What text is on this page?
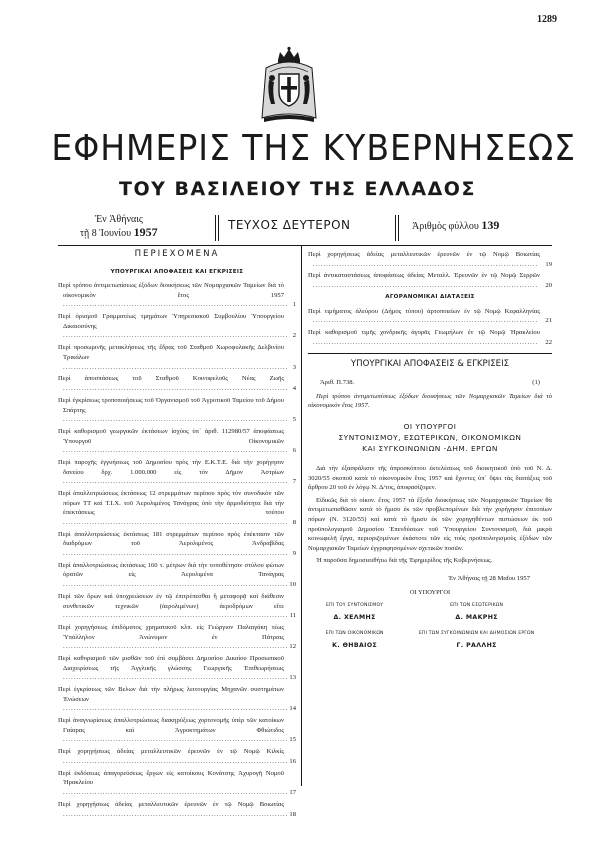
1289
ΕΦΗΜΕΡΙΣ ΤΗΣ ΚΥΒΕΡΝΗΣΕΩΣ
ΤΟΥ ΒΑΣΙΛΕΙΟΥ ΤΗΣ ΕΛΛΑΔΟΣ
Ἐν Ἀθήναις
τῇ 8 Ἰουνίου 1957	ΤΕΥΧΟΣ ΔΕΥΤΕΡΟΝ	Ἀριθμὸς φύλλου 139
ΠΕΡΙΕΧΟΜΕΝΑ
ΥΠΟΥΡΓΙΚΑΙ ΑΠΟΦΑΣΕΙΣ ΚΑΙ ΕΓΚΡΙΣΕΙΣ
Περὶ τρόπου ἀντιμετωπίσεως ἐξόδων διοικήσεως τῶν Νομαρχιακῶν Ταμείων διὰ τὸ οἰκονομικὸν ἔτος 1957 .....
1
Περὶ ὁρισμοῦ Γραμματέως τμημάτων Ὑπηρεσιακοῦ Συμβουλίου Ὑπουργείου Δικαιοσύνης .....
2
Περὶ προσωρινῆς μετακλήσεως τῆς ἕδρας τοῦ Σταθμοῦ Χωροφυλακῆς Δελβινίου Τρικάλων .....
3
Περὶ ἀποσπάσεως τοῦ Σταθμοῦ Κοινοφελοῦς Νέας Ζωῆς .....
4
Περὶ ἐγκρίσεως τροποποιήσεως τοῦ Ὀργανισμοῦ τοῦ Ἀγροτικοῦ Ταμείου τοῦ Δήμου Σπάρτης .....
5
Περὶ καθορισμοῦ γεωργικῶν ἐκτάσεων ἰσχύος ὑπ᾽ ἀριθ. 112980/57 ἀποφάσεως Ὑπουργοῦ Οἰκονομικῶν .....
6
Περὶ παροχῆς ἐγγυήσεως τοῦ Δημοσίου πρὸς τὴν Ε.Κ.Τ.Ε. διὰ τὴν χορήγησιν δανείου δρχ. 1.000.000 εἰς τὸν Δῆμον Ἀστρίων .....
7
Περὶ ἀπαλλοτριώσεως ἐκτάσεως 12 στρεμμάτων περίπου πρὸς τὸν συνοδικὸν τῶν πόρων ΤΤ καὶ Τ.Ι.Χ. τοῦ Ἀερολιμένος Τανάγρας ὑπὸ τὴν ἀρμοδιότητα διὰ τὴν ἐπεκτάσεως τούτου .....
8
Περὶ ἀπαλλοτριώσεως ἐκτάσεως 181 στρεμμάτων περίπου πρὸς ἐπέκτασιν τῶν διαδρόμων τοῦ Ἀερολιμένος Ἀνδραβίδας .....
9
Περὶ ἀπαλλοτριώσεως ἐκτάσεως 160 τ. μέτρων διὰ τὴν τοποθέτησιν στύλου φώτων ὀρατῶν εἰς Ἀερολιμένα Τανάγρας .....
10
Περὶ τῶν ὅρων καὶ ὑποχρεώσεων ἐν τῷ ἐπιτρέπεσθαι ἢ μεταφορᾷ καὶ διάθεσιν συνθετικῶν τεχνικῶν (ἀερολιμένων) ἀεροδρόμων εἴτε .....
11
Περὶ χορηγήσεως ἐπιδόματος χρηματικοῦ κλπ. εἰς Γεώργιον Παλαιγάκη τέως Ὑπάλληλον Ἀνώνυμον ἐν Πάτραις .....
12
Περὶ καθορισμοῦ τῶν μισθῶν τοῦ ἐπὶ συμβάσει Δημοσίου Δικαίου Προσωπικοῦ Διαχειρίσεως τῆς Ἀγγλικῆς γλώσσης Γεωργικῆς Ἐπιθεωρήσεως .....
13
Περὶ ἐγκρίσεως τῶν Βελων διὰ τὴν πλήρως λειτουργίας Μηχανῶν συστημάτων Ἐνώσεων .....
14
Περὶ ἀναγνωρίσεως ἀπαλλοτριώσεως διακηρύξεως χορτονομῆς ὑπὲρ τῶν κατοίκων Γαίαρας καὶ Ἀγροκτημάτων Φθιώτιδος .....
15
Περὶ χορηγήσεως ἀδείας μεταλλευτικῶν ἐρευνῶν ἐν τῷ Νομῷ Κιλκίς .....
16
Περὶ ἐκδόσεως ἀπαγορεύσεως ἔργων εἰς κατοίκους Κονάτσης Ἀχυρογῆ Νομοῦ Ἡρακλείου .....
17
Περὶ χορηγήσεως ἀδείας μεταλλευτικῶν ἐρευνῶν ἐν τῷ Νομῷ Βοιωτίας .....
18
Περὶ χορηγήσεως ἀδείας μεταλλευτικῶν ἐρευνῶν ἐν τῷ Νομῷ Βοιωτίας .....
19
Περὶ ἀντικαταστάσεως ἀποφάσεως ἀδείας Μεταλλ. Ἐρευνῶν ἐν τῷ Νομῷ Σερρῶν .....
20
ΑΓΟΡΑΝΟΜΙΚΑΙ ΔΙΑΤΑΞΕΙΣ
Περὶ τιμήματος ἀλεύρου (Δήμος τύπου) ἀρτοποιείων ἐν τῷ Νομῷ Κεφαλληνίας .....
21
Περὶ καθορισμοῦ τιμῆς χονδρικῆς ἀγορᾶς Γεωμήλων ἐν τῷ Νομῷ Ἡρακλείου .....
22
ΥΠΟΥΡΓΙΚΑΙ ΑΠΟΦΑΣΕΙΣ & ΕΓΚΡΙΣΕΙΣ
Ἀριθ. Π.738.	(1)
Περὶ τρόπου ἀντιμετωπίσεως ἐξόδων διοικήσεως τῶν Νομαρχιακῶν Ταμείων διὰ τὸ οἰκονομικὸν ἔτος 1957.
ΟΙ ΥΠΟΥΡΓΟΙ
ΣΥΝΤΟΝΙΣΜΟΥ, ΕΣΩΤΕΡΙΚΩΝ, ΟΙΚΟΝΟΜΙΚΩΝ
ΚΑΙ ΣΥΓΚΟΙΝΩΝΙΩΝ -ΔΗΜ. ΕΡΓΩΝ

Διὰ τὴν ἐξασφάλισιν τῆς ἀπροσκόπτου ἐκτελέσεως τοῦ διοικητικοῦ ὑπὸ τοῦ Ν. Δ. 3020/55 σκοποῦ κατὰ τὸ οἰκονομικὸν ἔτος 1957 καὶ ἔχοντες ὑπ᾽ ὄψει τὰς διατάξεις τοῦ ἄρθρου 20 τοῦ ἐν λόγῳ Ν. Δ/τος, ἀποφασίζομεν.

Εἰδικῶς διὰ τὸ οἰκον. ἔτος 1957 τὰ ἔξοδα διοικήσεως τῶν Νομαρχιακῶν Ταμείων θὰ ἀντιμετωπισθῶσιν κατὰ τὸ ἥμισυ ἐκ τῶν προβλεπομένων διὰ τὴν χορήγησιν ἐπιτοπίων πόρων (Ν. 3120/55) καὶ κατὰ τὸ ἥμισυ ἐκ τῶν χορηγηθέντων πιστώσεων ἐκ τοῦ προϋπολογισμοῦ Δημοσίου Ἐπενδύσεων τοῦ Ὑπουργείου Συντονισμοῦ, διὰ μικρὰ κοινωφελῆ ἔργα, περιοριζομένων ἐκάστοτε τῶν εἰς τοὺς προϋπολογισμοὺς ἐξόδων τῶν Νομαρχιακῶν Ταμείων ἐγγραφησομένων σχετικῶν ποσῶν.

Ἡ παροῦσα δημοσιευθήτω διὰ τῆς Ἐφημερίδος τῆς Κυβερνήσεως.

Ἐν Ἀθήναις τῇ 28 Μαΐου 1957
ΟΙ ΥΠΟΥΡΓΟΙ
ΕΠΙ ΤΟΥ ΣΥΝΤΟΝΙΣΜΟΥ
Δ. ΧΕΛΜΗΣ
ΕΠΙ ΤΩΝ ΟΙΚΟΝΟΜΙΚΩΝ
Κ. ΘΗΒΑΙΟΣ
ΕΠΙ ΤΩΝ ΕΣΩΤΕΡΙΚΩΝ
Δ. ΜΑΚΡΗΣ
ΕΠΙ ΤΩΝ ΣΥΓΚΟΙΝΩΝΙΩΝ ΚΑΙ ΔΗΜΟΣΙΩΝ ΕΡΓΩΝ
Γ. ΡΑΛΛΗΣ
